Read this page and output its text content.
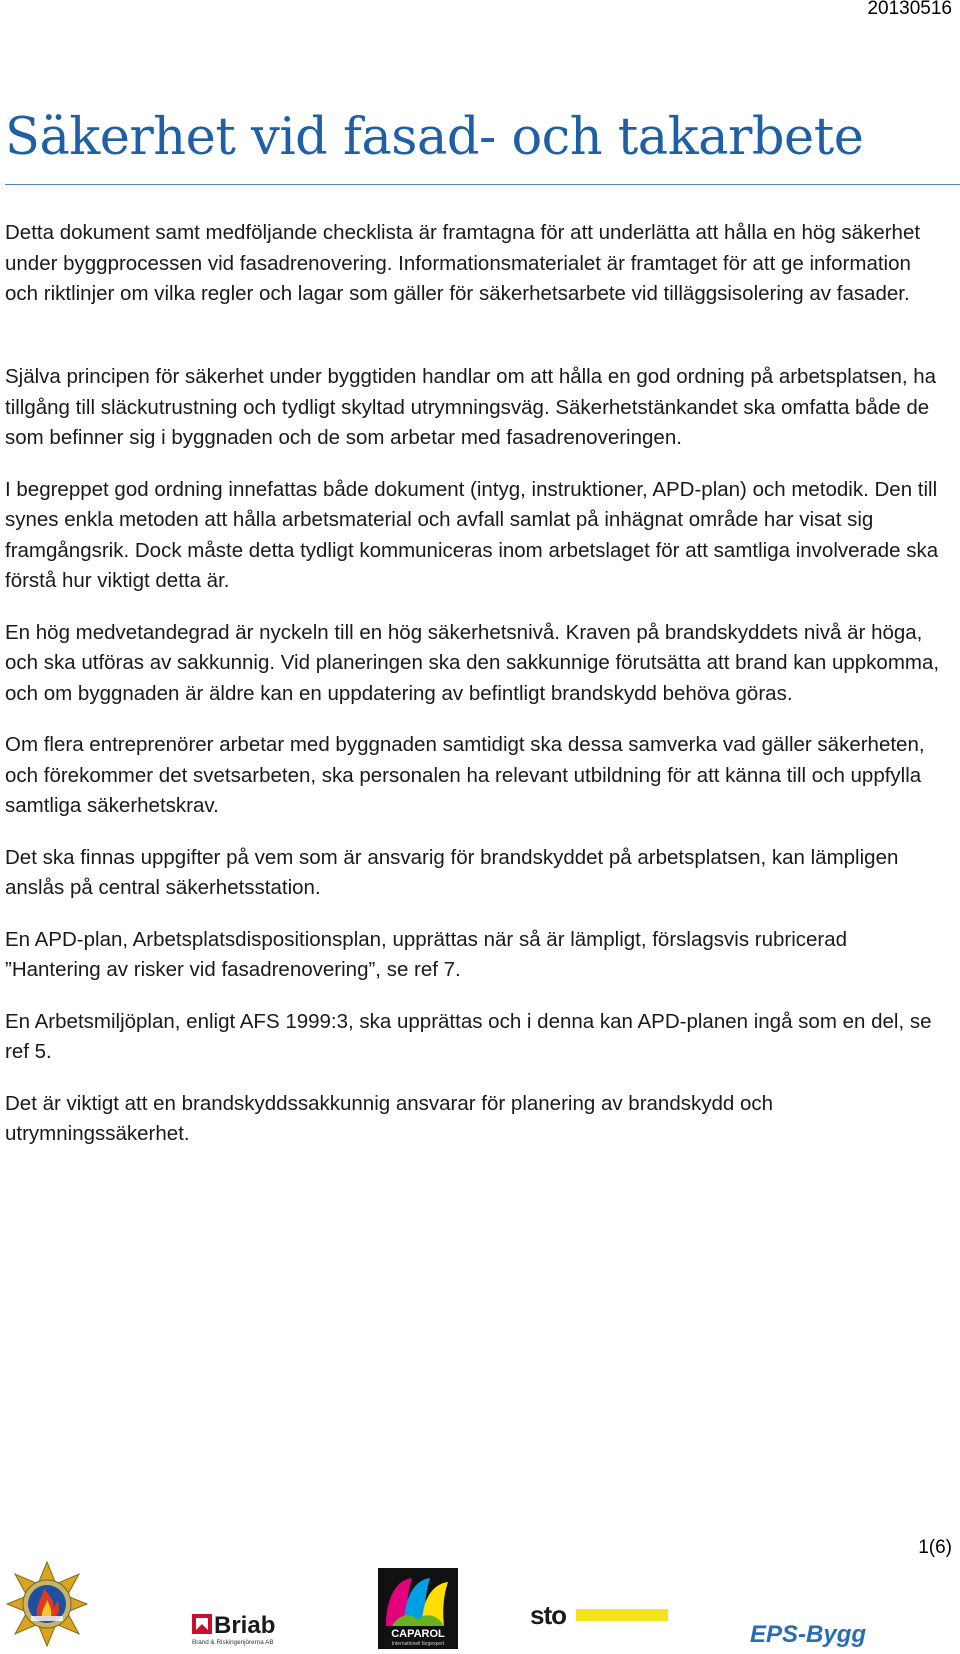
20130516
Säkerhet vid fasad- och takarbete

Detta dokument samt medföljande checklista är framtagna för att underlätta att hålla en hög säkerhet under byggprocessen vid fasadrenovering. Informationsmaterialet är framtaget för att ge information och riktlinjer om vilka regler och lagar som gäller för säkerhetsarbete vid tilläggsisolering av fasader.

Själva principen för säkerhet under byggtiden handlar om att hålla en god ordning på arbetsplatsen, ha tillgång till släckutrustning och tydligt skyltad utrymningsväg. Säkerhetstänkandet ska omfatta både de som befinner sig i byggnaden och de som arbetar med fasadrenoveringen.

I begreppet god ordning innefattas både dokument (intyg, instruktioner, APD-plan) och metodik. Den till synes enkla metoden att hålla arbetsmaterial och avfall samlat på inhägnat område har visat sig framgångsrik. Dock måste detta tydligt kommuniceras inom arbetslaget för att samtliga involverade ska förstå hur viktigt detta är.

En hög medvetandegrad är nyckeln till en hög säkerhetsnivå. Kraven på brandskyddets nivå är höga, och ska utföras av sakkunnig. Vid planeringen ska den sakkunnige förutsätta att brand kan uppkomma, och om byggnaden är äldre kan en uppdatering av befintligt brandskydd behöva göras.

Om flera entreprenörer arbetar med byggnaden samtidigt ska dessa samverka vad gäller säkerheten, och förekommer det svetsarbeten, ska personalen ha relevant utbildning för att känna till och uppfylla samtliga säkerhetskrav.

Det ska finnas uppgifter på vem som är ansvarig för brandskyddet på arbetsplatsen, kan lämpligen anslås på central säkerhetsstation.

En APD-plan, Arbetsplatsdispositionsplan, upprättas när så är lämpligt, förslagsvis rubricerad ”Hantering av risker vid fasadrenovering”, se ref 7.

En Arbetsmiljöplan, enligt AFS 1999:3, ska upprättas och i denna kan APD-planen ingå som en del, se ref 5.

Det är viktigt att en brandskyddssakkunnig ansvarar för planering av brandskydd och utrymningssäkerhet.

1(6)
Briab
Brand & Riskingenjörerna AB
CAPAROL
Internationell färgexpert
sto
EPS-Bygg
